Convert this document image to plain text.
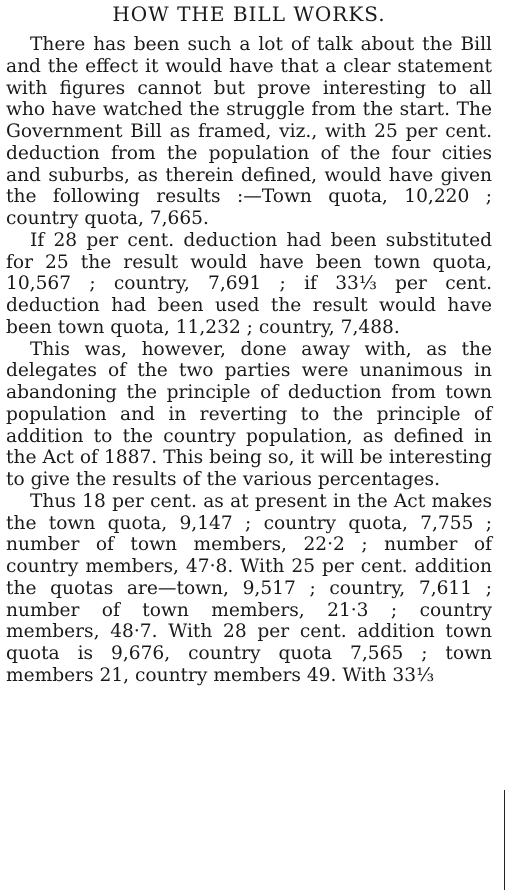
HOW THE BILL WORKS.

There has been such a lot of talk about the Bill and the effect it would have that a clear statement with figures cannot but prove interesting to all who have watched the struggle from the start. The Government Bill as framed, viz., with 25 per cent. deduction from the population of the four cities and suburbs, as therein defined, would have given the following results :—Town quota, 10,220 ; country quota, 7,665.

If 28 per cent. deduction had been substituted for 25 the result would have been town quota, 10,567 ; country, 7,691 ; if 33⅓ per cent. deduction had been used the result would have been town quota, 11,232 ; country, 7,488.

This was, however, done away with, as the delegates of the two parties were unanimous in abandoning the principle of deduction from town population and in reverting to the principle of addition to the country population, as defined in the Act of 1887. This being so, it will be interesting to give the results of the various percentages.

Thus 18 per cent. as at present in the Act makes the town quota, 9,147 ; country quota, 7,755 ; number of town members, 22·2 ; number of country members, 47·8. With 25 per cent. addition the quotas are—town, 9,517 ; country, 7,611 ; number of town members, 21·3 ; country members, 48·7. With 28 per cent. addition town quota is 9,676, country quota 7,565 ; town members 21, country members 49. With 33⅓
